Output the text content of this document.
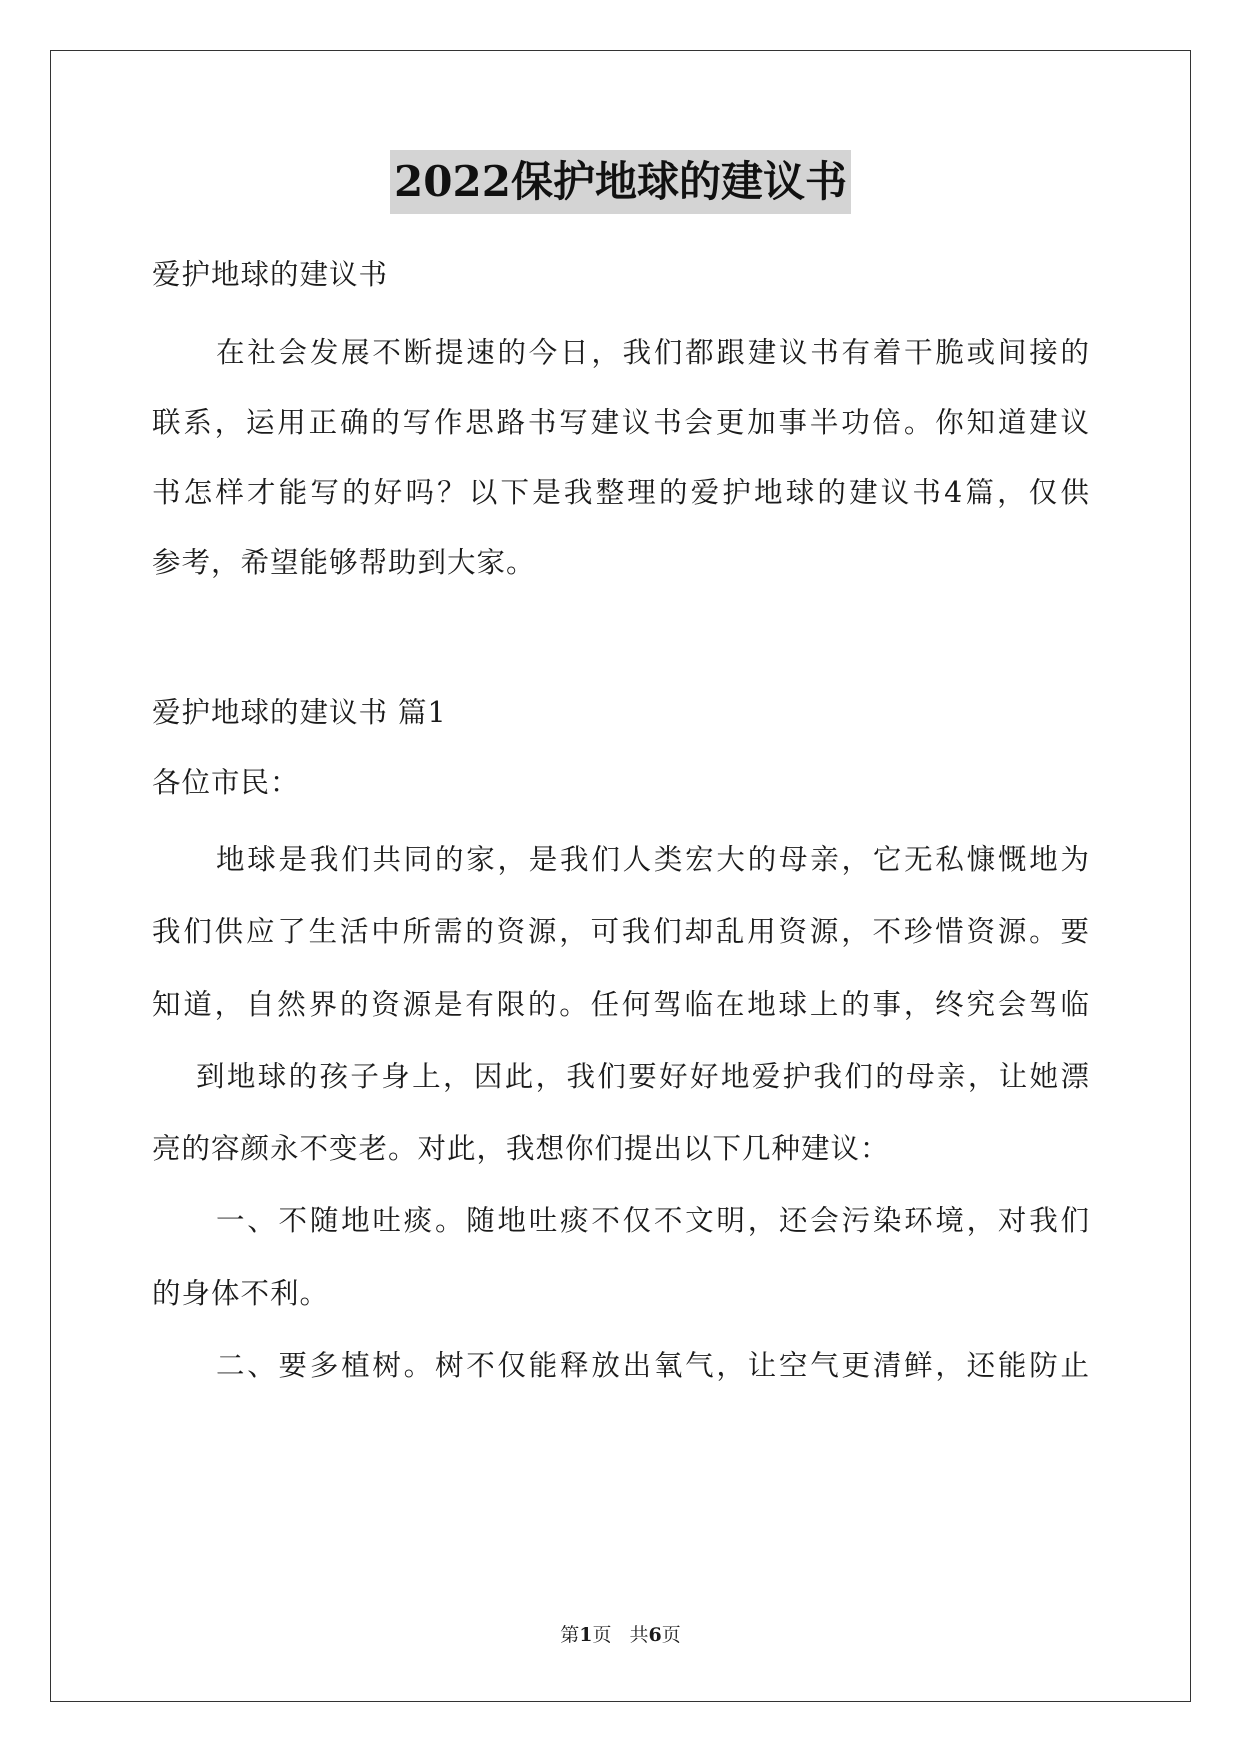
2022保护地球的建议书
爱护地球的建议书
在社会发展不断提速的今日，我们都跟建议书有着干脆或间接的
联系，运用正确的写作思路书写建议书会更加事半功倍。你知道建议
书怎样才能写的好吗？以下是我整理的爱护地球的建议书4篇，仅供
参考，希望能够帮助到大家。
爱护地球的建议书 篇1
各位市民：
地球是我们共同的家，是我们人类宏大的母亲，它无私慷慨地为
我们供应了生活中所需的资源，可我们却乱用资源，不珍惜资源。要
知道，自然界的资源是有限的。任何驾临在地球上的事，终究会驾临
到地球的孩子身上，因此，我们要好好地爱护我们的母亲，让她漂
亮的容颜永不变老。对此，我想你们提出以下几种建议：
一、不随地吐痰。随地吐痰不仅不文明，还会污染环境，对我们
的身体不利。
二、要多植树。树不仅能释放出氧气，让空气更清鲜，还能防止
第1页 共6页
